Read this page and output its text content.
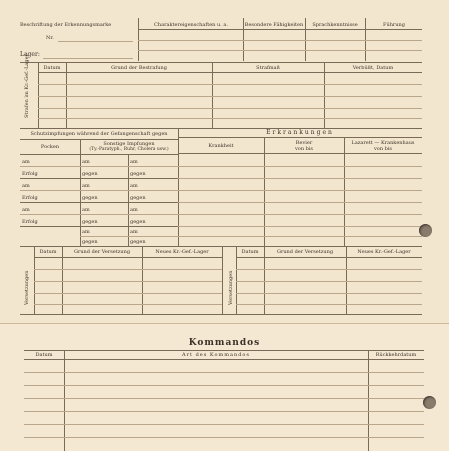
Beschriftung der Erkennungsmarke
Nr.
Lager:
Charaktereigenschaften u. a.	Besondere Fähigkeiten	Sprachkenntnisse	Führung
Strafen im Kr.-Gef.-Lager	Datum	Grund der Bestrafung	Strafmaß	Verbüßt, Datum
Schutzimpfungen während der Gefangenschaft gegen	Erkrankungen
Pocken	Sonstige Impfungen
(Ty.-Paratyph., Ruhr, Cholera usw.)
Krankheit	Revier
von bis
Lazarett — Krankenhaus
von bis
am	am	am
Erfolg	gegen	gegen
am	am	am
Erfolg	gegen	gegen
am	am	am
Erfolg	gegen	gegen
am	am
gegen	gegen
Versetzungen
Datum	Grund der Versetzung	Neues Kr.-Gef.-Lager
Versetzungen
Datum	Grund der Versetzung	Neues Kr.-Gef.-Lager
Kommandos
Datum	Art des Kommandos	Rückkehrdatum
